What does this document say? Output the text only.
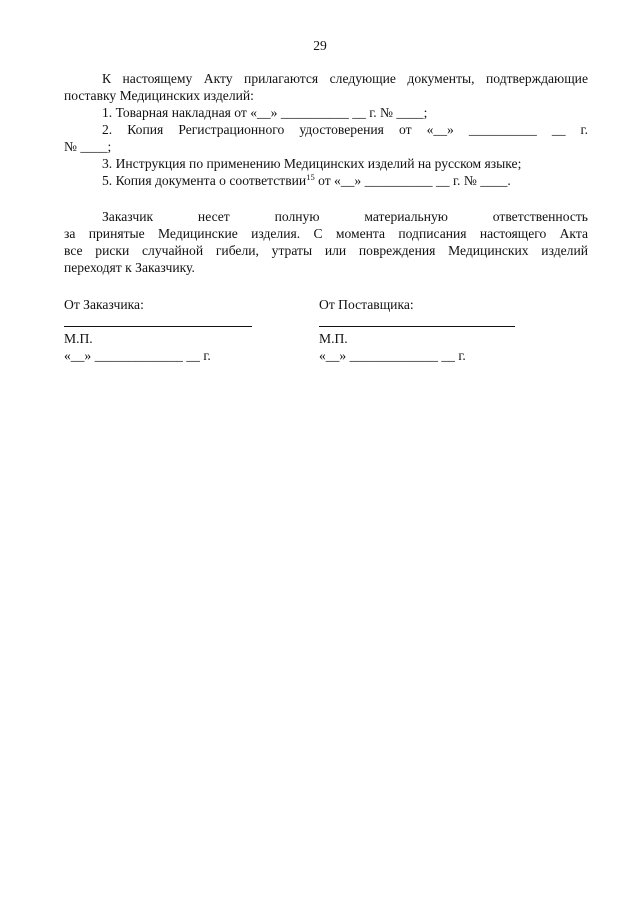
29
К настоящему Акту прилагаются следующие документы, подтверждающие
поставку Медицинских изделий:
1. Товарная накладная от «__» __________ __ г. № ____;
2. Копия Регистрационного удостоверения от «__» __________ __ г.
№ ____;
3. Инструкция по применению Медицинских изделий на русском языке;
5. Копия документа о соответствии$^{15}$ от «__» __________ __ г. № ____.
Заказчик несет полную материальную ответственность
за принятые Медицинские изделия. С момента подписания настоящего Акта
все риски случайной гибели, утраты или повреждения Медицинских изделий
переходят к Заказчику.
От Заказчика:
М.П.
«__» _____________ __ г.
От Поставщика:
М.П.
«__» _____________ __ г.
